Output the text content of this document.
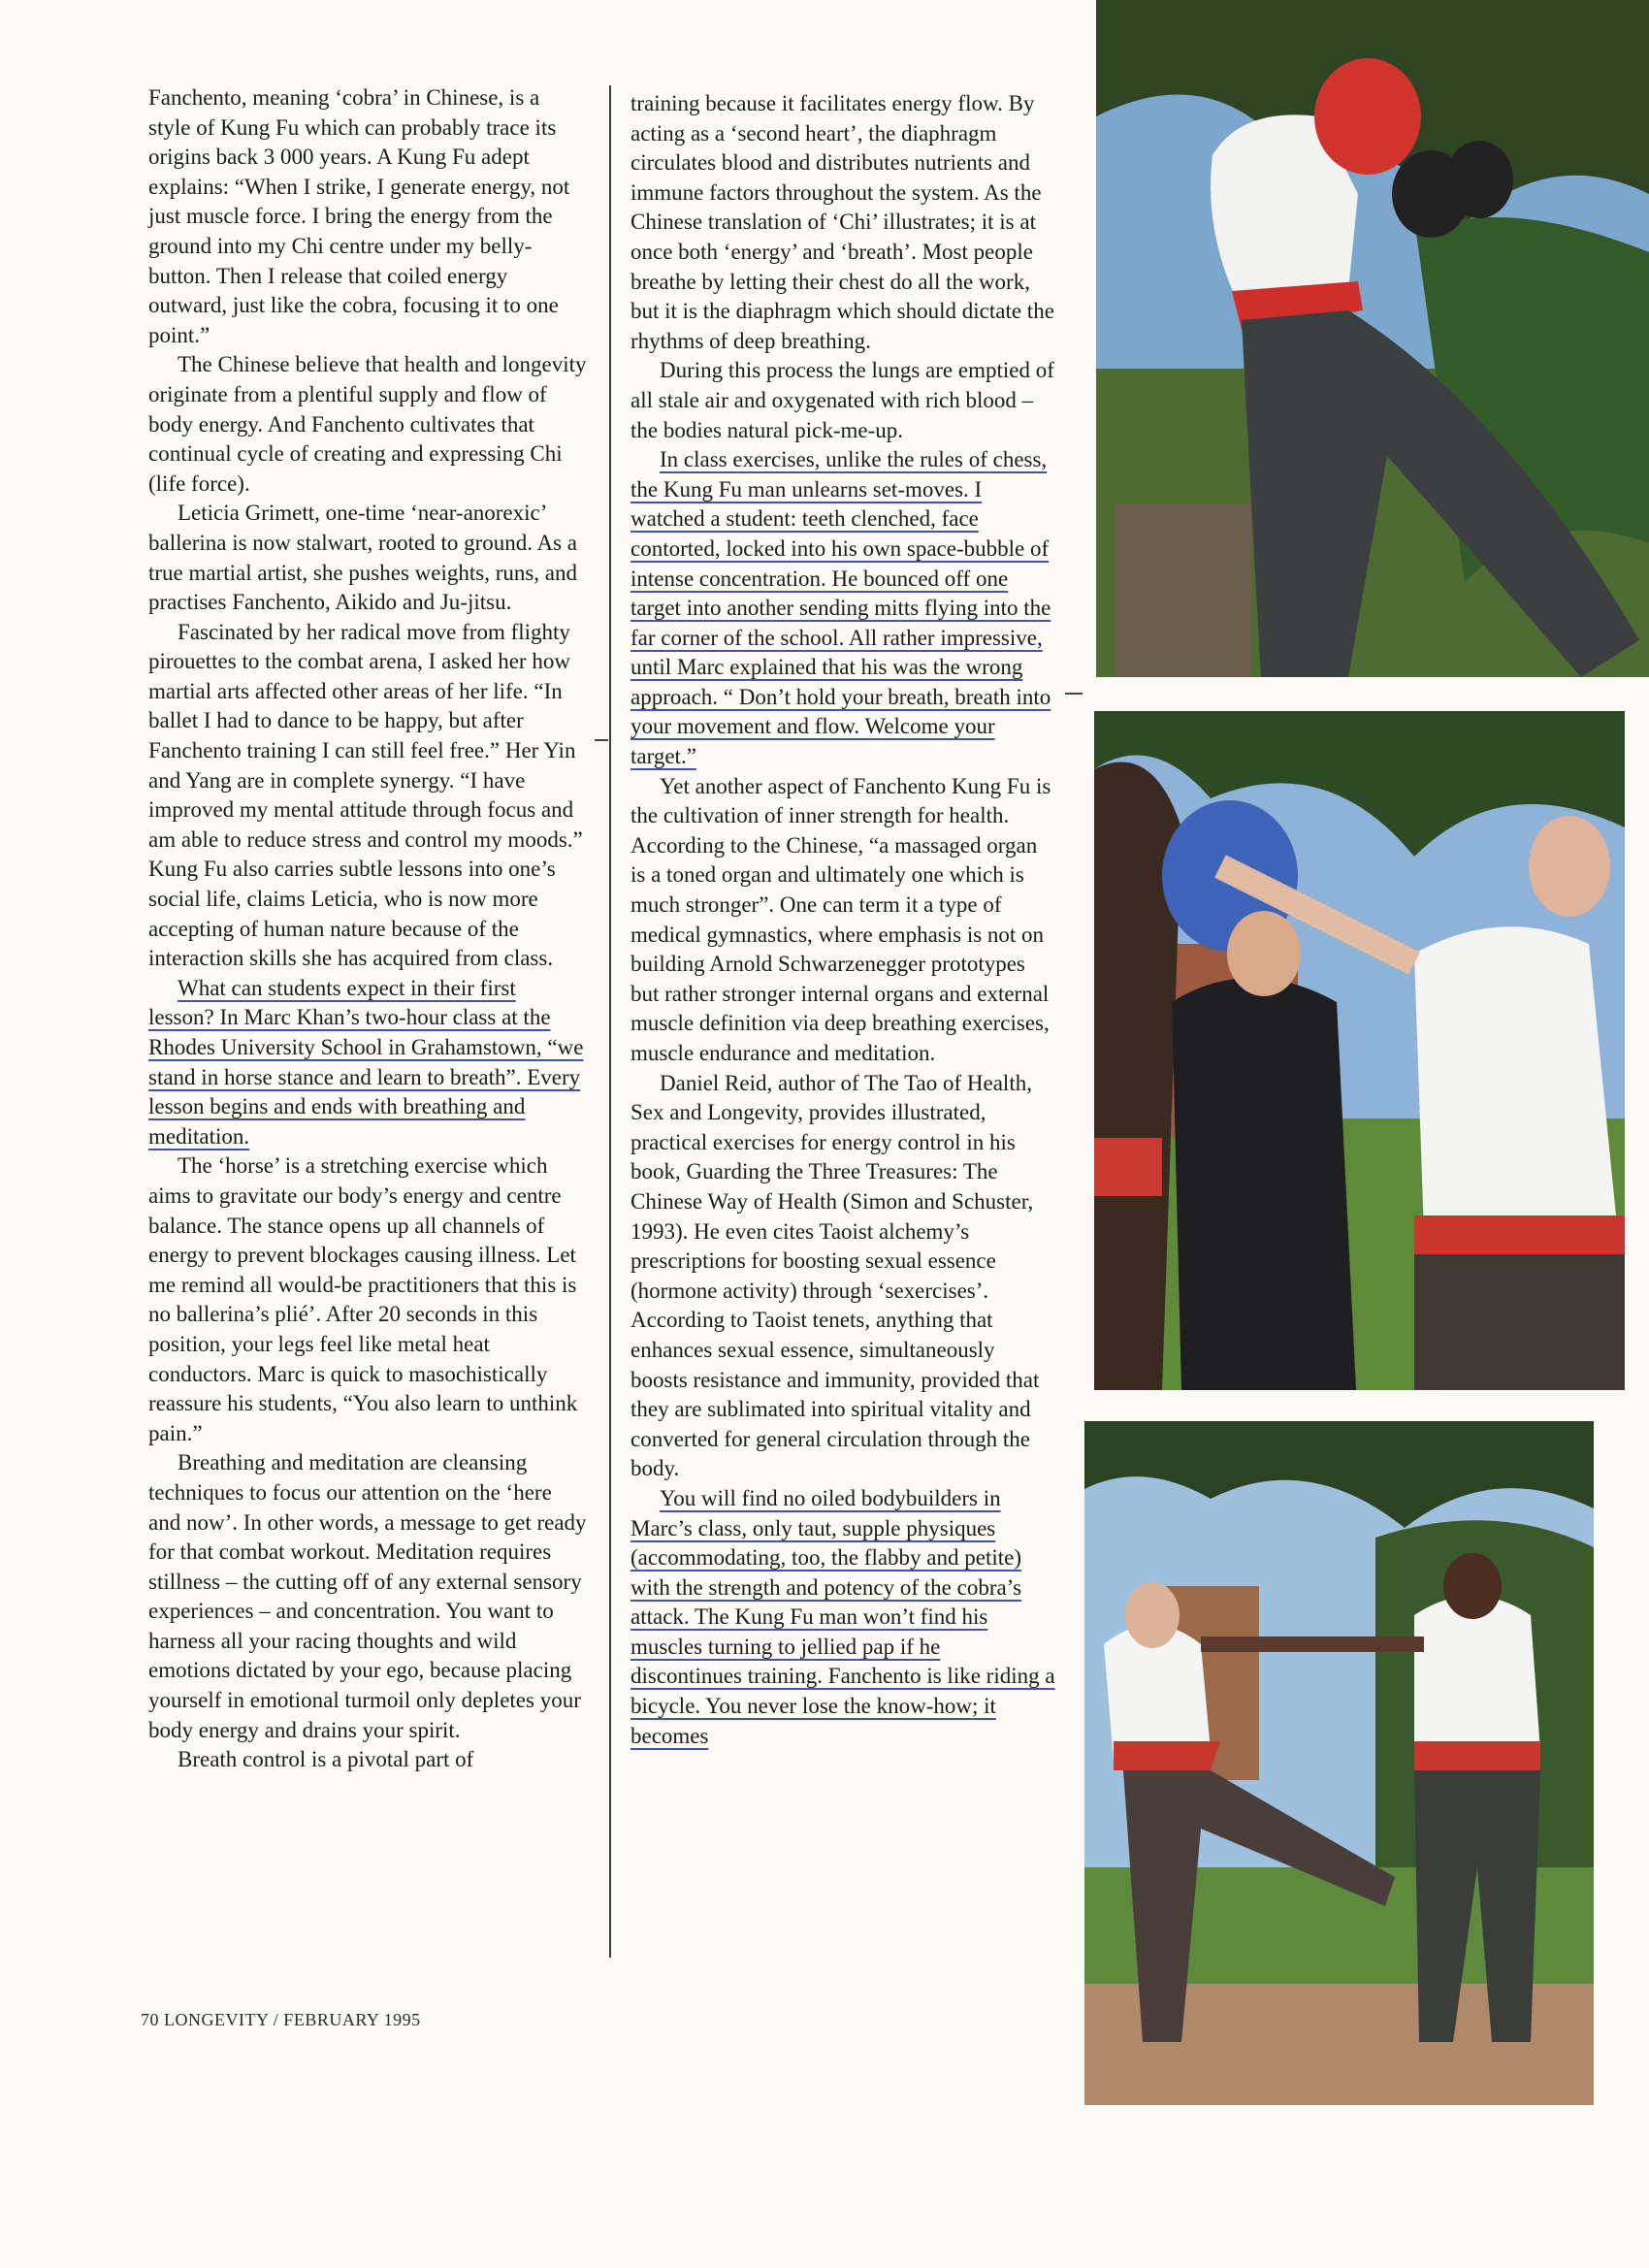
Fanchento, meaning ‘cobra’ in Chinese, is a style of Kung Fu which can probably trace its origins back 3 000 years. A Kung Fu adept explains: “When I strike, I generate energy, not just muscle force. I bring the energy from the ground into my Chi centre under my belly-button. Then I release that coiled energy outward, just like the cobra, focusing it to one point.”

The Chinese believe that health and longevity originate from a plentiful supply and flow of body energy. And Fanchento cultivates that continual cycle of creating and expressing Chi (life force).

Leticia Grimett, one-time ‘near-anorexic’ ballerina is now stalwart, rooted to ground. As a true martial artist, she pushes weights, runs, and practises Fanchento, Aikido and Ju-jitsu.

Fascinated by her radical move from flighty pirouettes to the combat arena, I asked her how martial arts affected other areas of her life. “In ballet I had to dance to be happy, but after Fanchento training I can still feel free.” Her Yin and Yang are in complete synergy. “I have improved my mental attitude through focus and am able to reduce stress and control my moods.” Kung Fu also carries subtle lessons into one’s social life, claims Leticia, who is now more accepting of human nature because of the interaction skills she has acquired from class.

What can students expect in their first lesson? In Marc Khan’s two-hour class at the Rhodes University School in Grahamstown, “we stand in horse stance and learn to breath”. Every lesson begins and ends with breathing and meditation.

The ‘horse’ is a stretching exercise which aims to gravitate our body’s energy and centre balance. The stance opens up all channels of energy to prevent blockages causing illness. Let me remind all would-be practitioners that this is no ballerina’s plié’. After 20 seconds in this position, your legs feel like metal heat conductors. Marc is quick to masochistically reassure his students, “You also learn to unthink pain.”

Breathing and meditation are cleansing techniques to focus our attention on the ‘here and now’. In other words, a message to get ready for that combat workout. Meditation requires stillness – the cutting off of any external sensory experiences – and concentration. You want to harness all your racing thoughts and wild emotions dictated by your ego, because placing yourself in emotional turmoil only depletes your body energy and drains your spirit.

Breath control is a pivotal part of

training because it facilitates energy flow. By acting as a ‘second heart’, the diaphragm circulates blood and distributes nutrients and immune factors throughout the system. As the Chinese translation of ‘Chi’ illustrates; it is at once both ‘energy’ and ‘breath’. Most people breathe by letting their chest do all the work, but it is the diaphragm which should dictate the rhythms of deep breathing.

During this process the lungs are emptied of all stale air and oxygenated with rich blood – the bodies natural pick-me-up.

In class exercises, unlike the rules of chess, the Kung Fu man unlearns set-moves. I watched a student: teeth clenched, face contorted, locked into his own space-bubble of intense concentration. He bounced off one target into another sending mitts flying into the far corner of the school. All rather impressive, until Marc explained that his was the wrong approach. “ Don’t hold your breath, breath into your movement and flow. Welcome your target.”

Yet another aspect of Fanchento Kung Fu is the cultivation of inner strength for health. According to the Chinese, “a massaged organ is a toned organ and ultimately one which is much stronger”. One can term it a type of medical gymnastics, where emphasis is not on building Arnold Schwarzenegger prototypes but rather stronger internal organs and external muscle definition via deep breathing exercises, muscle endurance and meditation.

Daniel Reid, author of The Tao of Health, Sex and Longevity, provides illustrated, practical exercises for energy control in his book, Guarding the Three Treasures: The Chinese Way of Health (Simon and Schuster, 1993). He even cites Taoist alchemy’s prescriptions for boosting sexual essence (hormone activity) through ‘sexercises’. According to Taoist tenets, anything that enhances sexual essence, simultaneously boosts resistance and immunity, provided that they are sublimated into spiritual vitality and converted for general circulation through the body.

You will find no oiled bodybuilders in Marc’s class, only taut, supple physiques (accommodating, too, the flabby and petite) with the strength and potency of the cobra’s attack. The Kung Fu man won’t find his muscles turning to jellied pap if he discontinues training. Fanchento is like riding a bicycle. You never lose the know-how; it becomes

70 LONGEVITY / FEBRUARY 1995
